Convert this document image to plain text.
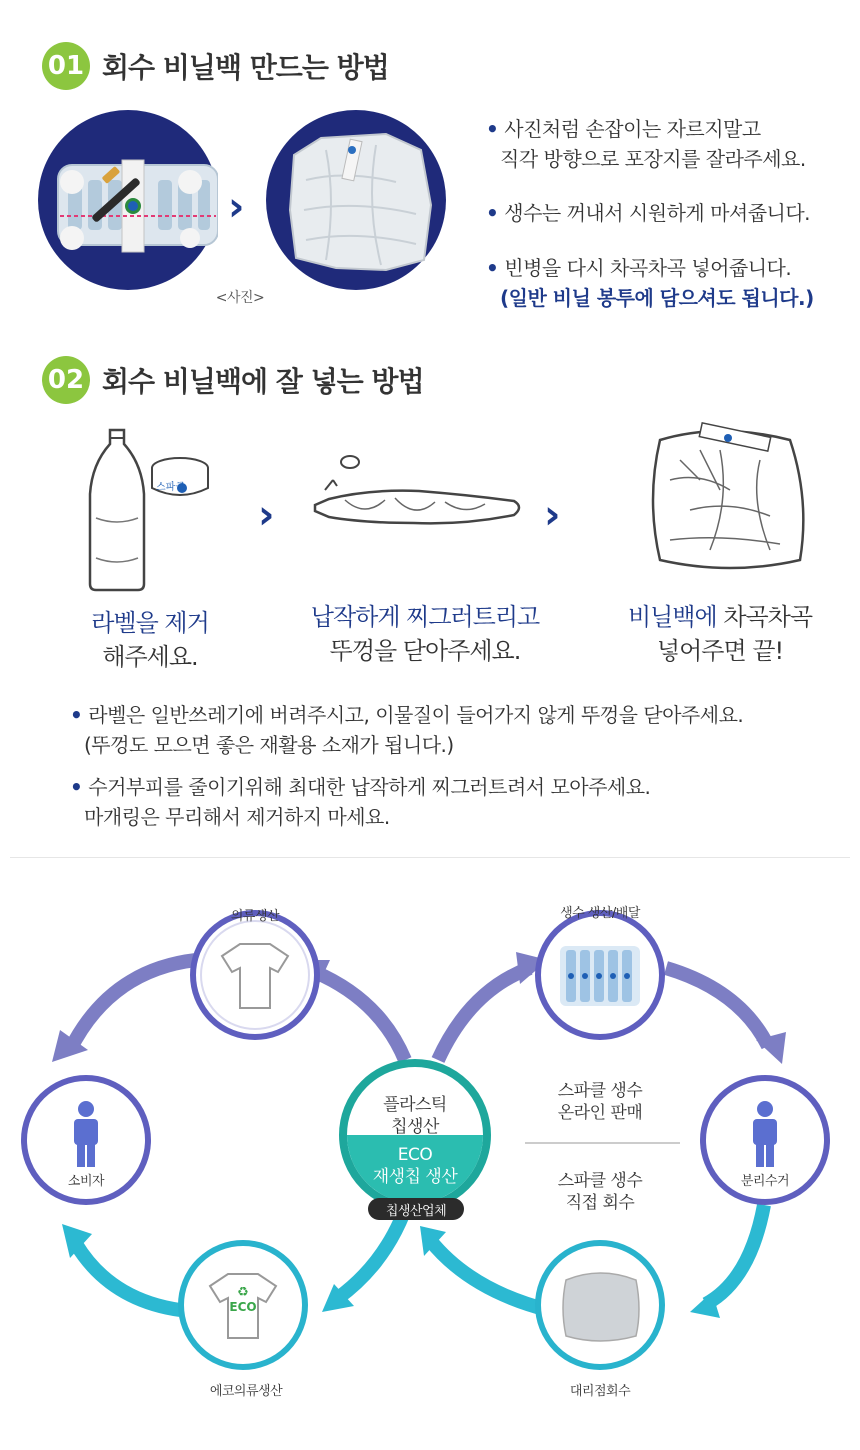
01 회수 비닐백 만드는 방법
›
<사진>
• 사진처럼 손잡이는 자르지말고
직각 방향으로 포장지를 잘라주세요.
• 생수는 꺼내서 시원하게 마셔줍니다.
• 빈병을 다시 차곡차곡 넣어줍니다.
(일반 비닐 봉투에 담으셔도 됩니다.)
02 회수 비닐백에 잘 넣는 방법
스파클
›	›
라벨을 제거
해주세요.
납작하게 찌그러트리고
뚜껑을 닫아주세요.
비닐백에 차곡차곡
넣어주면 끝!
• 라벨은 일반쓰레기에 버려주시고, 이물질이 들어가지 않게 뚜껑을 닫아주세요.
(뚜껑도 모으면 좋은 재활용 소재가 됩니다.)
• 수거부피를 줄이기위해 최대한 납작하게 찌그러트려서 모아주세요.
마개링은 무리해서 제거하지 마세요.
♻
의류생산	생수 생산/배달
소비자	분리수거
에코의류생산	대리점회수
플라스틱
칩생산
ECO
재생칩 생산
칩생산업체
스파클 생수
온라인 판매
스파클 생수
직접 회수
ECO
